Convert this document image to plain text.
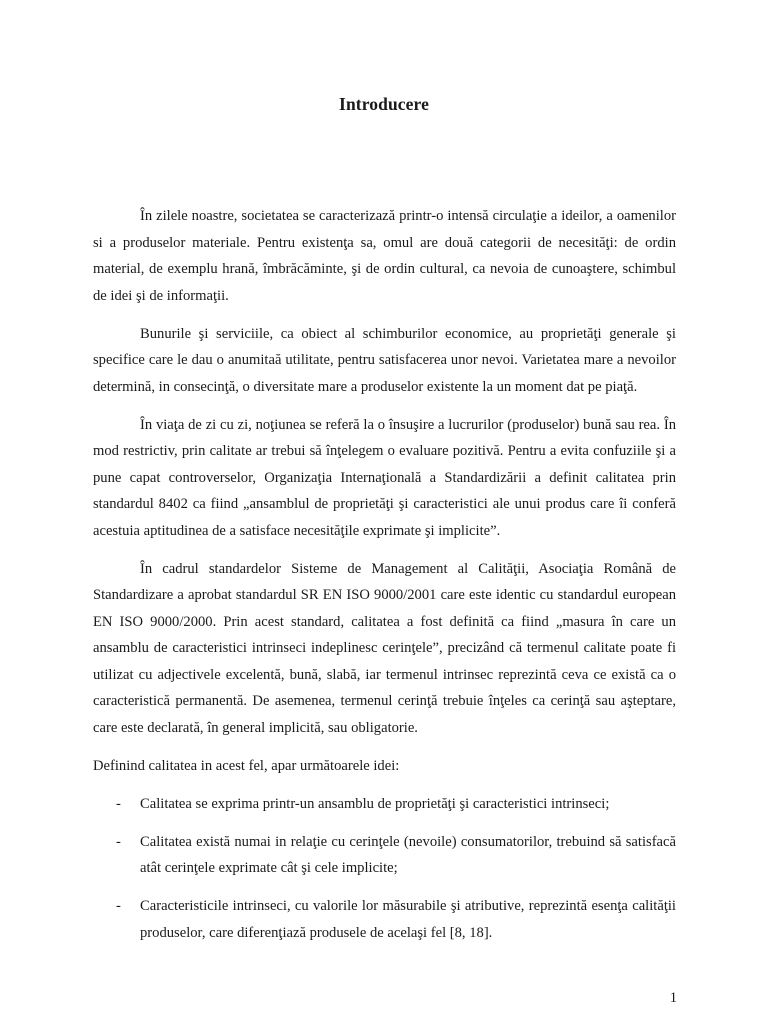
Introducere

În zilele noastre, societatea se caracterizază printr-o intensă circulaţie a ideilor, a oamenilor si a produselor materiale. Pentru existenţa sa, omul are două categorii de necesităţi: de ordin material, de exemplu hrană, îmbrăcăminte, şi de ordin cultural, ca nevoia de cunoaştere, schimbul de idei şi de informaţii.

Bunurile şi serviciile, ca obiect al schimburilor economice, au proprietăţi generale şi specifice care le dau o anumitaă utilitate, pentru satisfacerea unor nevoi. Varietatea mare a nevoilor determină, in consecinţă, o diversitate mare a produselor existente la un moment dat pe piaţă.

În viaţa de zi cu zi, noţiunea se referă la o însuşire a lucrurilor (produselor) bună sau rea. În mod restrictiv, prin calitate ar trebui să înţelegem o evaluare pozitivă. Pentru a evita confuziile şi a pune capat controverselor, Organizaţia Internaţională a Standardizării a definit calitatea prin standardul 8402 ca fiind „ansamblul de proprietăţi şi caracteristici ale unui produs care îi conferă acestuia aptitudinea de a satisface necesităţile exprimate şi implicite”.

În cadrul standardelor Sisteme de Management al Calităţii, Asociaţia Română de Standardizare a aprobat standardul SR EN ISO 9000/2001 care este identic cu standardul european EN ISO 9000/2000. Prin acest standard, calitatea a fost definită ca fiind „masura în care un ansamblu de caracteristici intrinseci indeplinesc cerinţele”, precizând că termenul calitate poate fi utilizat cu adjectivele excelentă, bună, slabă, iar termenul intrinsec reprezintă ceva ce există ca o caracteristică permanentă. De asemenea, termenul cerinţă trebuie înţeles ca cerinţă sau aşteptare, care este declarată, în general implicită, sau obligatorie.

Definind calitatea in acest fel, apar următoarele idei:

- Calitatea se exprima printr-un ansamblu de proprietăţi şi caracteristici intrinseci;
- Calitatea există numai in relaţie cu cerinţele (nevoile) consumatorilor, trebuind să satisfacă atât cerinţele exprimate cât şi cele implicite;
- Caracteristicile intrinseci, cu valorile lor măsurabile şi atributive, reprezintă esenţa calităţii produselor, care diferenţiază produsele de acelaşi fel [8, 18].
1
